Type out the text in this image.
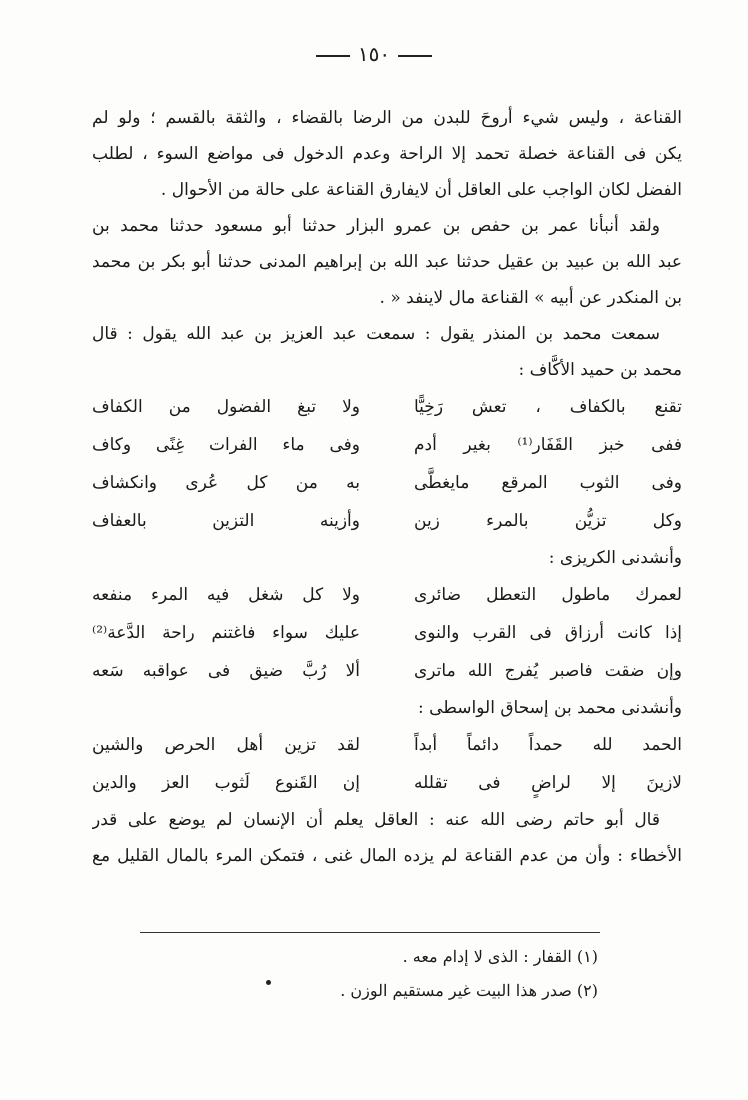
١٥٠
القناعة ، وليس شيء أروحَ للبدن من الرضا بالقضاء ، والثقة بالقسم ؛ ولو لم
يكن فى القناعة خصلة تحمد إلا الراحة وعدم الدخول فى مواضع السوء ، لطلب
الفضل لكان الواجب على العاقل أن لايفارق القناعة على حالة من الأحوال .
ولقد أنبأنا عمر بن حفص بن عمرو البزار حدثنا أبو مسعود حدثنا محمد بن
عبد الله بن عبيد بن عقيل حدثنا عبد الله بن إبراهيم المدنى حدثنا أبو بكر بن محمد
بن المنكدر عن أبيه » القناعة مال لاينفد « .
سمعت محمد بن المنذر يقول : سمعت عبد العزيز بن عبد الله يقول : قال
محمد بن حميد الأكَّاف :
تقنع بالكفاف ، تعش رَخِيًّا
ولا تبغ الفضول من الكفاف
ففى خبز القَفَار⁽¹⁾ بغير أدم
وفى ماء الفرات غِنًى وكاف
وفى الثوب المرقع مايغطَّى
به من كل عُرى وانكشاف
وكل تزيُّن بالمرء زين
وأزينه التزين بالعفاف
وأنشدنى الكريزى :
لعمرك ماطول التعطل ضائرى
ولا كل شغل فيه المرء منفعه
إذا كانت أرزاق فى القرب والنوى
عليك سواء فاغتنم راحة الدَّعة⁽²⁾
وإن ضقت فاصبر يُفرج الله ماترى
ألا رُبَّ ضيق فى عواقبه سَعه
وأنشدنى محمد بن إسحاق الواسطى :
الحمد لله حمداً دائماً أبداً
لقد تزين أهل الحرص والشين
لازينَ إلا لراضٍ فى تقلله
إن القَنوع لَثوب العز والدين
قال أبو حاتم رضى الله عنه : العاقل يعلم أن الإنسان لم يوضع على قدر
الأخطاء : وأن من عدم القناعة لم يزده المال غنى ، فتمكن المرء بالمال القليل مع
(١) القفار : الذى لا إدام معه .
(٢) صدر هذا البيت غير مستقيم الوزن .
